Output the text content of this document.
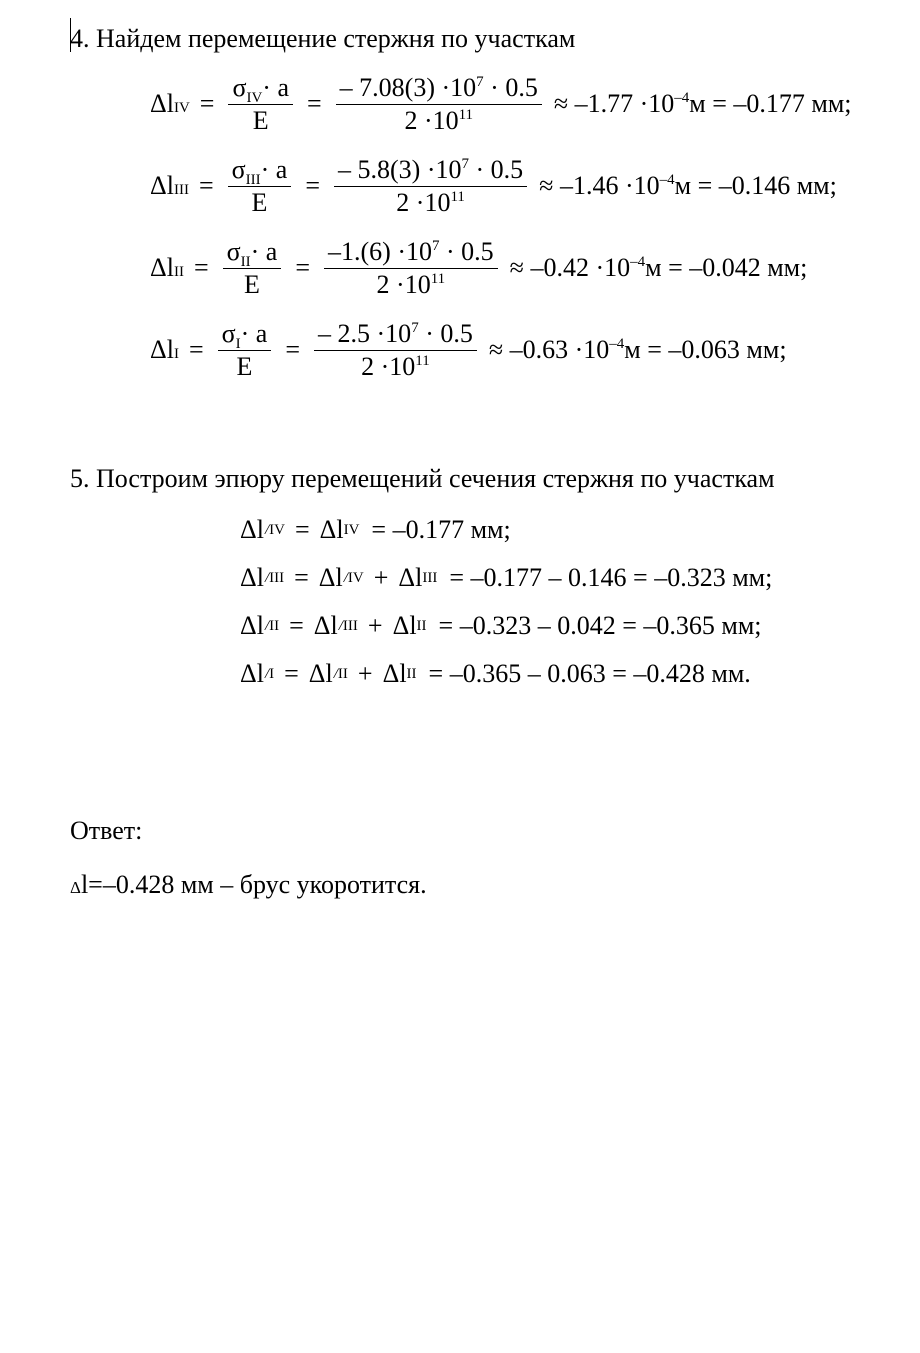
4. Найдем перемещение стержня по участкам
Δl IV = $\frac{\sigma_{IV}\cdot a}{E} = \frac{- 7.08(3) \cdot 10^7 \cdot 0.5}{2 \cdot 10^{11}} \approx -1.77 \cdot 10^{-4}м = -0.177$ мм;
Δl III = $\frac{\sigma_{III}\cdot a}{E} = \frac{- 5.8(3) \cdot 10^7 \cdot 0.5}{2 \cdot 10^{11}} \approx -1.46 \cdot 10^{-4}м = -0.146$ мм;
Δl II = $\frac{\sigma_{II}\cdot a}{E} = \frac{-1.(6) \cdot 10^7 \cdot 0.5}{2 \cdot 10^{11}} \approx -0.42 \cdot 10^{-4}м = -0.042$ мм;
Δl $I = \frac{\sigma_I\cdot a}{E} = \frac{- 2.5 \cdot 10^7 \cdot 0.5}{2 \cdot 10^{11}} \approx -0.63 \cdot 10^{-4}м = -0.063$ мм;
5. Построим эпюру перемещений сечения стержня по участкам
Δl / IV = Δl IV = –0.177 мм;
Δl / III = Δl / IV + Δl III = –0.177 – 0.146 = –0.323 мм;
Δl / II = Δl / III + Δl II = –0.323 – 0.042 = –0.365 мм;
Δl / I = Δl / II + Δl II = –0.365 – 0.063 = –0.428 мм.
Ответ:
Δl=–0.428 мм – брус укоротится.
